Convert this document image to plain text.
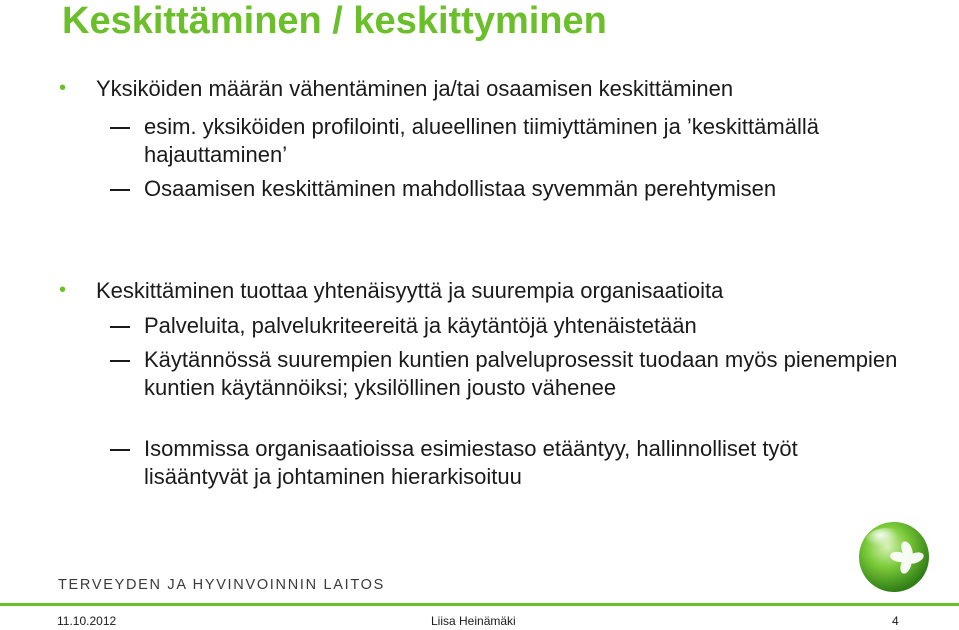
Keskittäminen / keskittyminen
• Yksiköiden määrän vähentäminen ja/tai osaamisen keskittäminen
esim. yksiköiden profilointi, alueellinen tiimiyttäminen ja ’keskittämällä hajauttaminen’
Osaamisen keskittäminen mahdollistaa syvemmän perehtymisen
• Keskittäminen tuottaa yhtenäisyyttä ja suurempia organisaatioita
Palveluita, palvelukriteereitä ja käytäntöjä yhtenäistetään
Käytännössä suurempien kuntien palveluprosessit tuodaan myös pienempien kuntien käytännöiksi; yksilöllinen jousto vähenee
Isommissa organisaatioissa esimiestaso etääntyy, hallinnolliset työt lisääntyvät ja johtaminen hierarkisoituu
TERVEYDEN JA HYVINVOINNIN LAITOS
11.10.2012	Liisa Heinämäki	4
